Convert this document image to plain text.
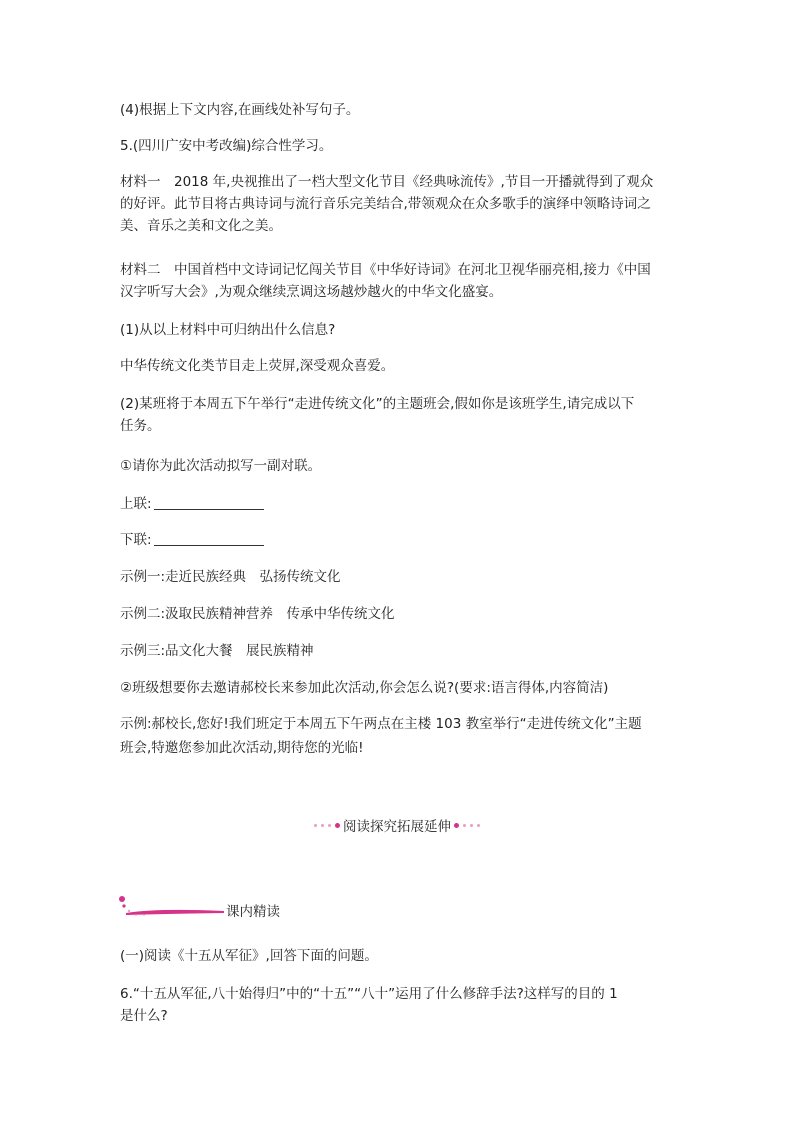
(4)根据上下文内容,在画线处补写句子。
5.(四川广安中考改编)综合性学习。
材料一　2018 年,央视推出了一档大型文化节目《经典咏流传》,节目一开播就得到了观众
的好评。此节目将古典诗词与流行音乐完美结合,带领观众在众多歌手的演绎中领略诗词之
美、音乐之美和文化之美。
材料二　中国首档中文诗词记忆闯关节目《中华好诗词》在河北卫视华丽亮相,接力《中国
汉字听写大会》,为观众继续烹调这场越炒越火的中华文化盛宴。
(1)从以上材料中可归纳出什么信息?
中华传统文化类节目走上荧屏,深受观众喜爱。
(2)某班将于本周五下午举行“走进传统文化”的主题班会,假如你是该班学生,请完成以下
任务。
①请你为此次活动拟写一副对联。
上联:
下联:
示例一:走近民族经典　弘扬传统文化
示例二:汲取民族精神营养　传承中华传统文化
示例三:品文化大餐　展民族精神
②班级想要你去邀请郝校长来参加此次活动,你会怎么说?(要求:语言得体,内容简洁)
示例:郝校长,您好!我们班定于本周五下午两点在主楼 103 教室举行“走进传统文化”主题
班会,特邀您参加此次活动,期待您的光临!
阅读探究拓展延伸
课内精读
(一)阅读《十五从军征》,回答下面的问题。
6.“十五从军征,八十始得归”中的“十五”“八十”运用了什么修辞手法?这样写的目的 1
是什么?
